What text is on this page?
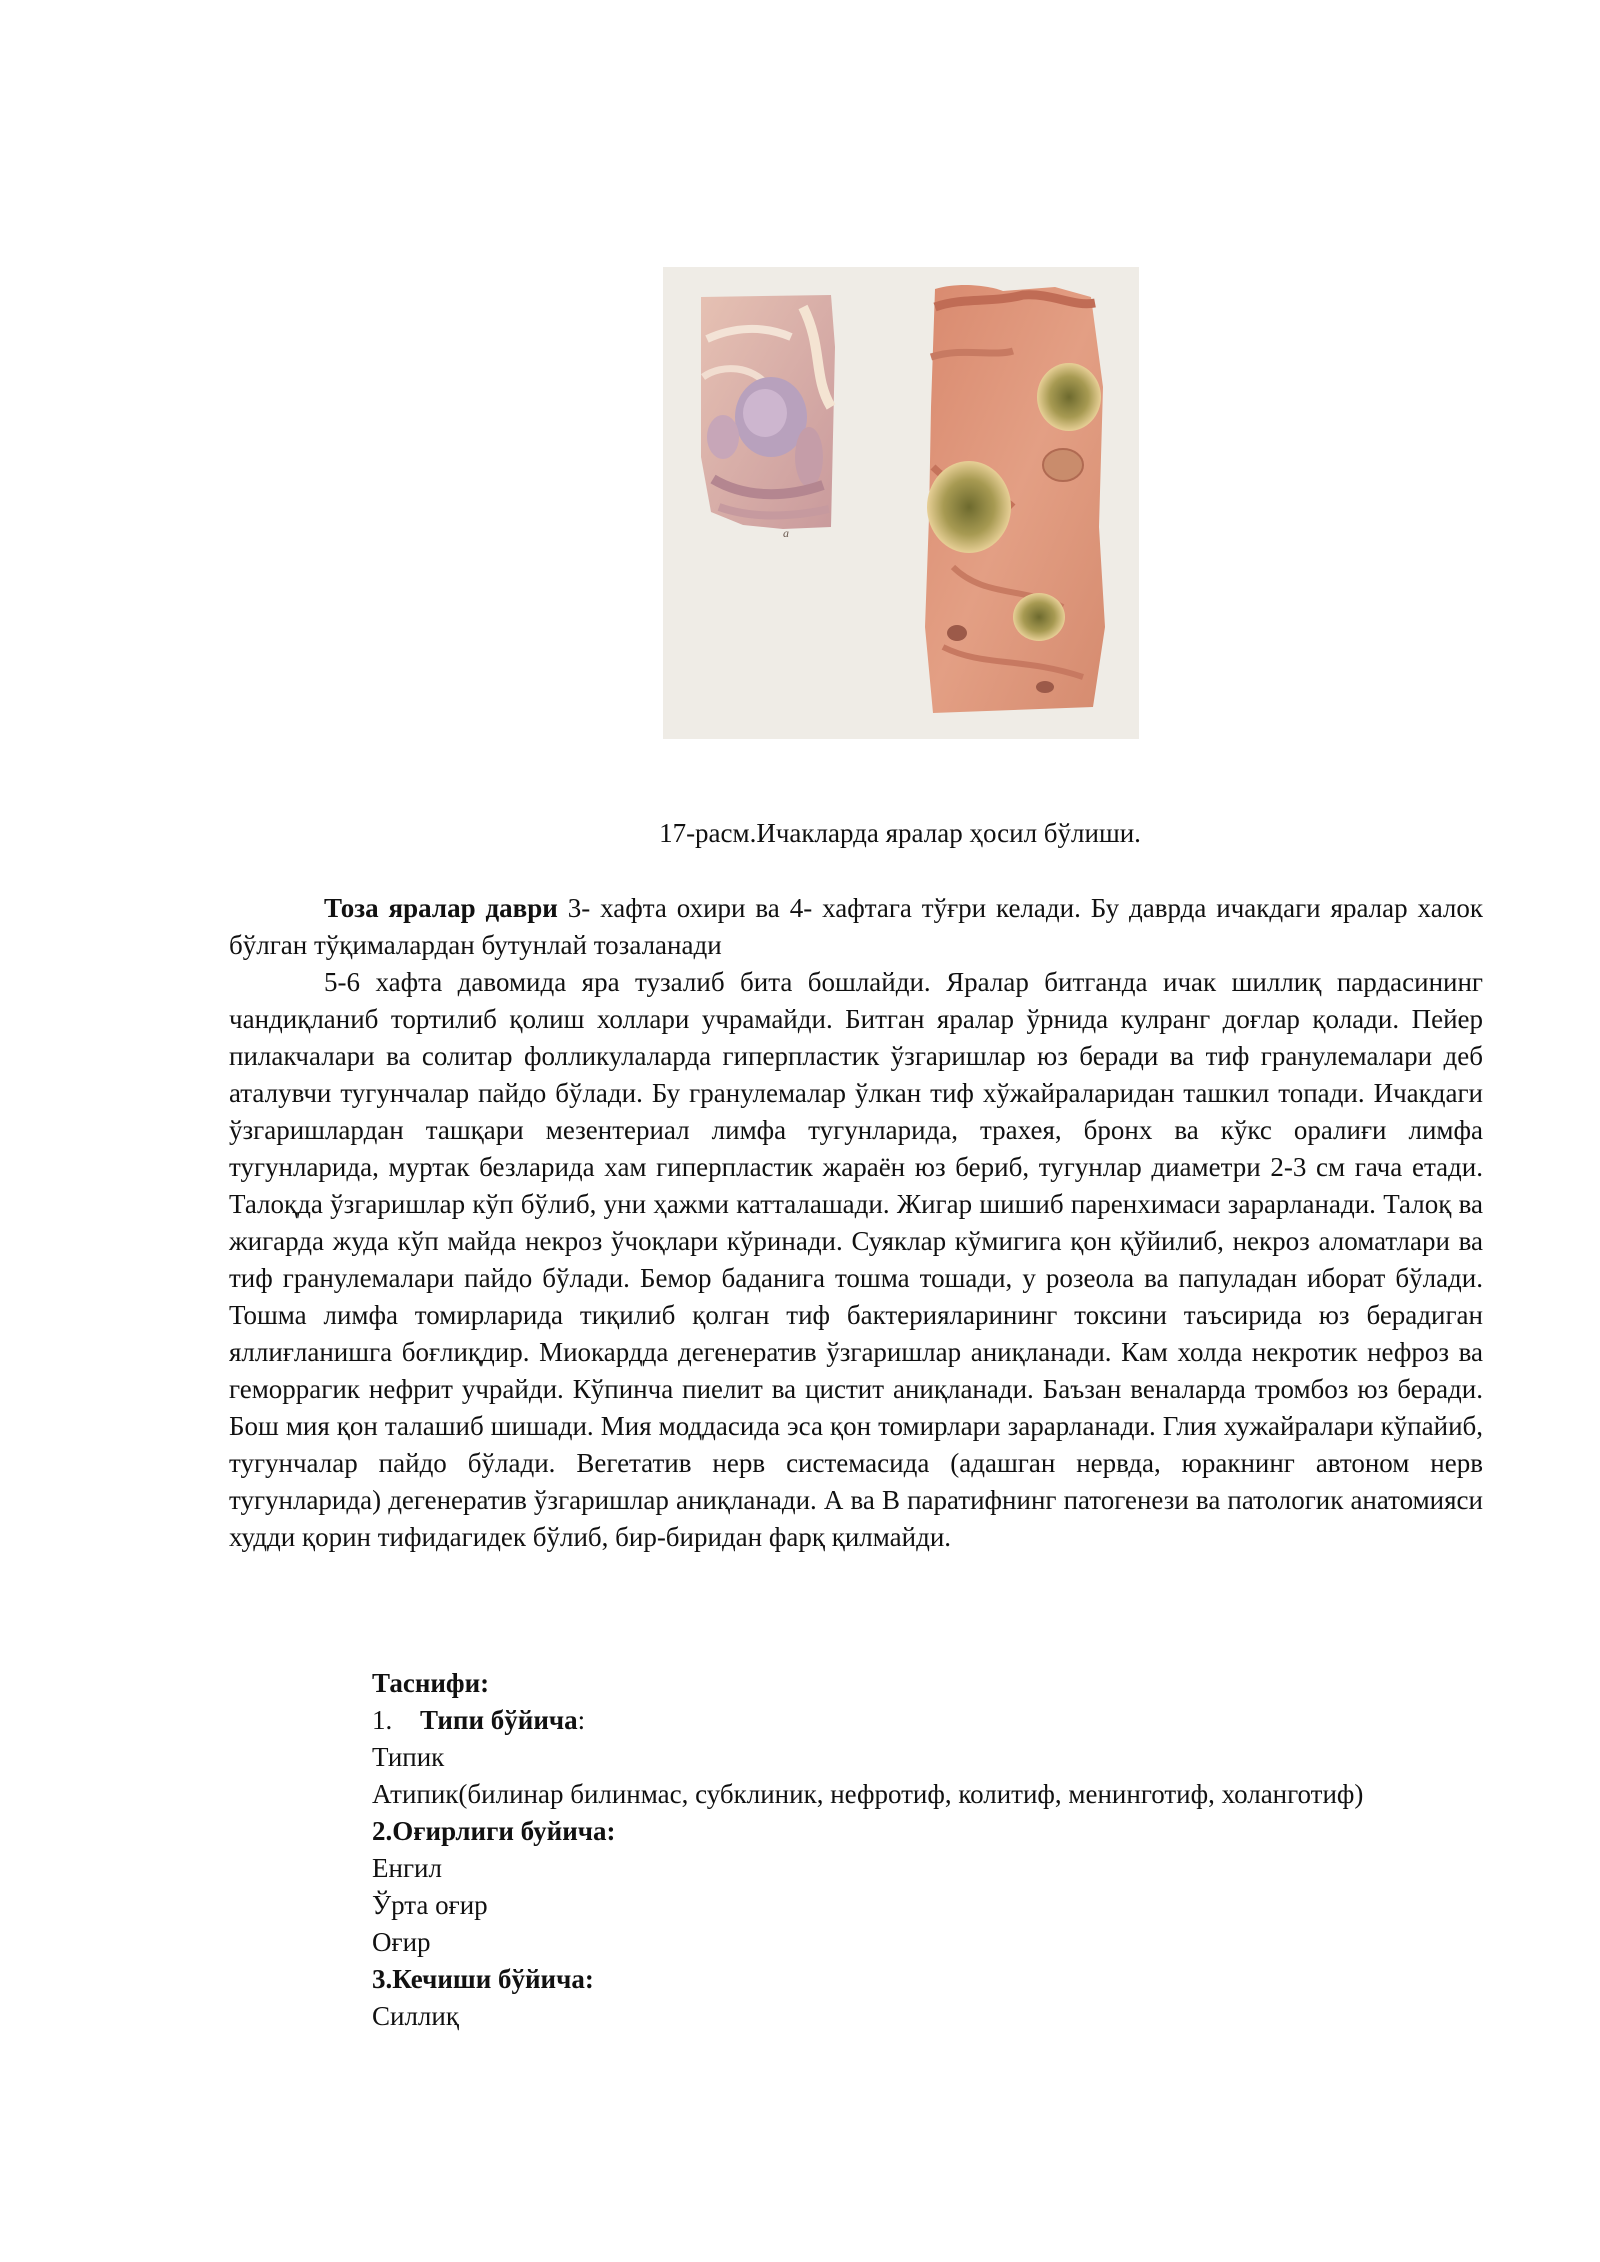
а
17-расм.Ичакларда яралар ҳосил бўлиши.

Тоза яралар даври 3- хафта охири ва 4- хафтага тўғри келади. Бу даврда ичакдаги яралар халок бўлган тўқималардан бутунлай тозаланади

5-6 хафта давомида яра тузалиб бита бошлайди. Яралар битганда ичак шиллиқ пардасининг чандиқланиб тортилиб қолиш холлари учрамайди. Битган яралар ўрнида кулранг доғлар қолади. Пейер пилакчалари ва солитар фолликулаларда гиперпластик ўзгаришлар юз беради ва тиф гранулемалари деб аталувчи тугунчалар пайдо бўлади. Бу гранулемалар ўлкан тиф хўжайраларидан ташкил топади. Ичакдаги ўзгаришлардан ташқари мезентериал лимфа тугунларида, трахея, бронх ва кўкс оралиғи лимфа тугунларида, муртак безларида хам гиперпластик жараён юз бериб, тугунлар диаметри 2-3 см гача етади. Талоқда ўзгаришлар кўп бўлиб, уни ҳажми катталашади. Жигар шишиб паренхимаси зарарланади. Талоқ ва жигарда жуда кўп майда некроз ўчоқлари кўринади. Суяклар кўмигига қон қўйилиб, некроз аломатлари ва тиф гранулемалари пайдо бўлади. Бемор баданига тошма тошади, у розеола ва папуладан иборат бўлади. Тошма лимфа томирларида тиқилиб қолган тиф бактерияларининг токсини таъсирида юз берадиган яллиғланишга боғлиқдир. Миокардда дегенератив ўзгаришлар аниқланади. Кам холда некротик нефроз ва геморрагик нефрит учрайди. Кўпинча пиелит ва цистит аниқланади. Баъзан веналарда тромбоз юз беради. Бош мия қон талашиб шишади. Мия моддасида эса қон томирлари зарарланади. Глия хужайралари кўпайиб, тугунчалар пайдо бўлади. Вегетатив нерв системасида (адашган нервда, юракнинг автоном нерв тугунларида) дегенератив ўзгаришлар аниқланади. А ва В паратифнинг патогенези ва патологик анатомияси худди қорин тифидагидек бўлиб, бир-биридан фарқ қилмайди.

Таснифи:
1. Типи бўйича:
Типик
Атипик(билинар билинмас, субклиник, нефротиф, колитиф, менинготиф, холанготиф)
2.Оғирлиги буйича:
Енгил
Ўрта оғир
Оғир
3.Кечиши бўйича:
Силлиқ
